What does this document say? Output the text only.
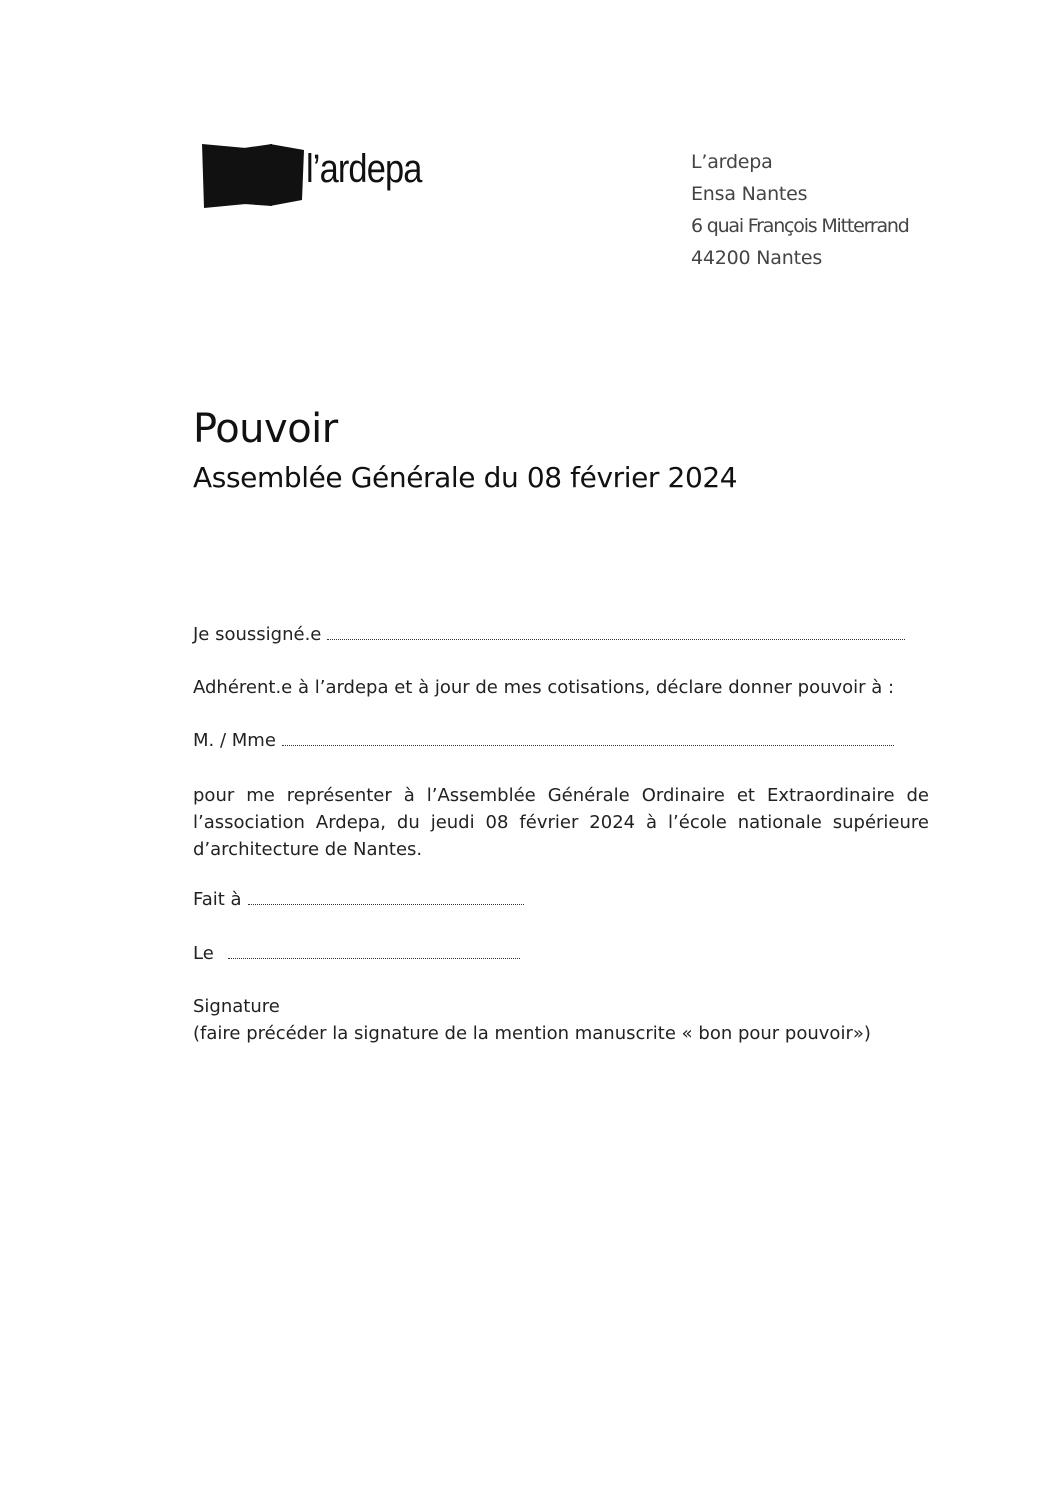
l’ardepa	L’ardepa
Ensa Nantes
6 quai François Mitterrand
44200 Nantes
Pouvoir
Assemblée Générale du 08 février 2024
Je soussigné.e
Adhérent.e à l’ardepa et à jour de mes cotisations, déclare donner pouvoir à :
M. / Mme

pour me représenter à l’Assemblée Générale Ordinaire et Extraordinaire de l’association Ardepa, du jeudi 08 février 2024 à l’école nationale supérieure d’architecture de Nantes.

Fait à
Le
Signature
(faire précéder la signature de la mention manuscrite « bon pour pouvoir»)
